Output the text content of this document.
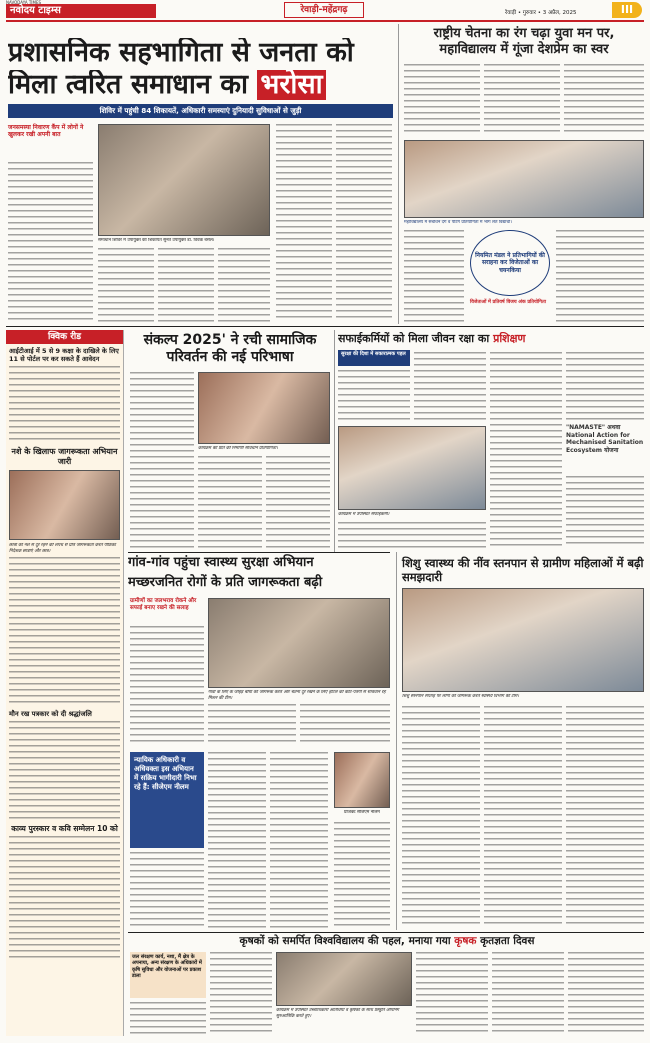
नवोदय टाइम्स
NAVODAYA TIMES
रेवाड़ी-महेंद्रगढ़	रेवाड़ी • गुरुवार • 3 अप्रैल, 2025	III
प्रशासनिक सहभागिता से जनता को
मिला त्वरित समाधान का भरोसा
शिविर में पहुंची 84 शिकायतें, अधिकारी समस्याएं दुनियादी सुविधाओं से जुड़ी
जनसमस्या निवारण कैंप में लोगों ने खुलकर रखी अपनी बात
समाधान शिविर में उपायुक्त की शिकायत सुनते उपायुक्त डा. विवेक बंसल।
राष्ट्रीय चेतना का रंग चढ़ा युवा मन पर, महाविद्यालय में गूंजा देशप्रेम का स्वर
महाविद्यालय में संबोधन देंगे व पेटिंग प्रतियोगिता में भाग लेते विद्यार्थी।
नियमित मंडल ने प्रतिभागियों की सराहना कर विजेताओं का चयनकिया
विजेताओं में प्रतिवर्ष विजय अंक प्रतियोगिता
क्विक रीड
आईटीआई में 5 से 9 कक्षा के दाखिले के लिए 11 से पोर्टल पर कर सकते हैं आवेदन
नशे के खिलाफ जागरूकता अभियान जारी
छात्रों को नशे से दूर रहने की शपथ से प्रति जागरूकता करते पीठिका निदेशक छात्राएं और छात्र।
मौन रख पत्रकार को दी श्रद्धांजलि
काव्य पुरस्कार व कवि सम्मेलन 10 को
संकल्प 2025' ने रची सामाजिक परिवर्तन की नई परिभाषा
कार्यक्रम की प्रति की निर्माणी संविधान प्रतियोगिता।
सफाईकर्मियों को मिला जीवन रक्षा का प्रशिक्षण
सुरक्षा की दिशा में सकारात्मक पहल
कार्यक्रम में उपस्थित सफाईकर्मी।
"NAMASTE" अथवा National Action for Mechanised Sanitation Ecosystem योजना
गांव-गांव पहुंचा स्वास्थ्य सुरक्षा अभियान
मच्छरजनित रोगों के प्रति जागरूकता बढ़ी
ग्रामीणों का जलभराव रोकने और सफाई बनाए रखने की सलाह
गांवों के लिए के जोहड़ बीघों को जागरूक करते और चेतना दूर रखने के लिए होटल को कीट-पतंगो से सावधान रहें मिशन की टीम।
शिशु स्वास्थ्य की नींव स्तनपान से ग्रामीण महिलाओं में बढ़ी समझदारी
शिशु स्तनपान सप्ताह पर लोगों को जागरूक करते स्वास्थ्य विभाग की टीम।
न्यायिक अधिकारी व अधिवक्ता इस अभियान में सक्रिय भागीदारी निभा रहे हैं: सीजेएम नीलम
प्रोजेक्ट सीजेएम नीलम
कृषकों को समर्पित विश्वविद्यालय की पहल, मनाया गया कृषक कृतज्ञता दिवस
जल संरक्षण कार्य, नशा, मैं क्षेत्र के अपनाया, अन्य संरक्षण के अधिकारों में कृषि सुविधा और योजनाओं पर प्रकाश डाला
कार्यक्रम में उपस्थित उच्चाधिकारी अतिथियों व कृषकों के साथ प्रस्तुति ओपनिंग सुरुआतिकि करते हुए।
